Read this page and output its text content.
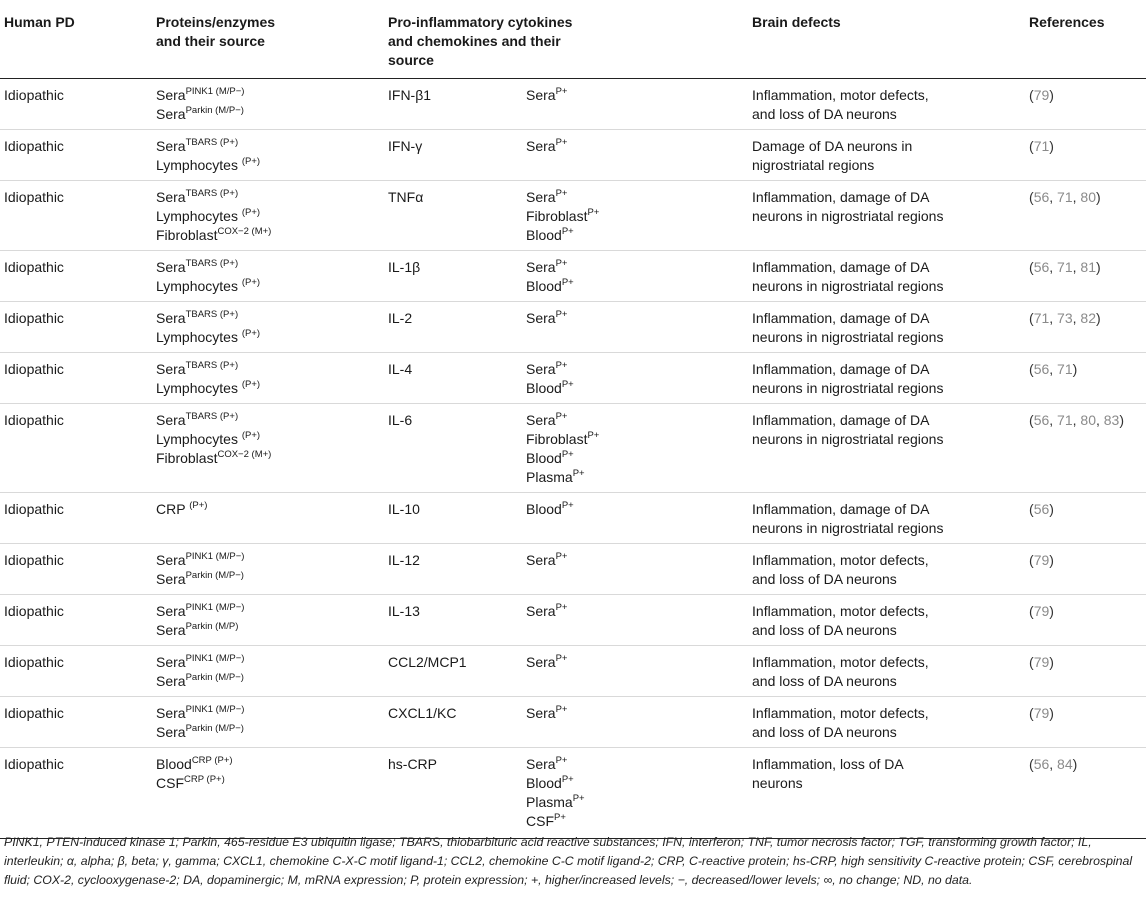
Human PD	Proteins/enzymes
and their source	Pro-inflammatory cytokines
and chemokines and their
source		Brain defects	References
Idiopathic	Sera$^{PINK1 (M/P-)}$
Sera$^{Parkin (M/P-)}$	IFN-β1	Sera$^{P+}$	Inflammation, motor defects,
and loss of DA neurons	(79)
Idiopathic	Sera$^{TBARS (P+)}$
Lymphocytes $^{(P+)}$	IFN-γ	Sera$^{P+}$	Damage of DA neurons in
nigrostriatal regions	(71)
Idiopathic	Sera$^{TBARS (P+)}$
Lymphocytes $^{(P+)}$
Fibroblast$^{COX-2 (M+)}$	TNFα	Sera$^{P+}$
Fibroblast$^{P+}$
Blood$^{P+}$	Inflammation, damage of DA
neurons in nigrostriatal regions	(56, 71, 80)
Idiopathic	Sera$^{TBARS (P+)}$
Lymphocytes $^{(P+)}$	IL-1β	Sera$^{P+}$
Blood$^{P+}$	Inflammation, damage of DA
neurons in nigrostriatal regions	(56, 71, 81)
Idiopathic	Sera$^{TBARS (P+)}$
Lymphocytes $^{(P+)}$	IL-2	Sera$^{P+}$	Inflammation, damage of DA
neurons in nigrostriatal regions	(71, 73, 82)
Idiopathic	Sera$^{TBARS (P+)}$
Lymphocytes $^{(P+)}$	IL-4	Sera$^{P+}$
Blood$^{P+}$	Inflammation, damage of DA
neurons in nigrostriatal regions	(56, 71)
Idiopathic	Sera$^{TBARS (P+)}$
Lymphocytes $^{(P+)}$
Fibroblast$^{COX-2 (M+)}$	IL-6	Sera$^{P+}$
Fibroblast$^{P+}$
Blood$^{P+}$
Plasma$^{P+}$	Inflammation, damage of DA
neurons in nigrostriatal regions	(56, 71, 80, 83)
Idiopathic	CRP $^{(P+)}$	IL-10	Blood$^{P+}$	Inflammation, damage of DA
neurons in nigrostriatal regions	(56)
Idiopathic	Sera$^{PINK1 (M/P-)}$
Sera$^{Parkin (M/P-)}$	IL-12	Sera$^{P+}$	Inflammation, motor defects,
and loss of DA neurons	(79)
Idiopathic	Sera$^{PINK1 (M/P-)}$
Sera$^{Parkin (M/P)}$	IL-13	Sera$^{P+}$	Inflammation, motor defects,
and loss of DA neurons	(79)
Idiopathic	Sera$^{PINK1 (M/P-)}$
Sera$^{Parkin (M/P-)}$	CCL2/MCP1	Sera$^{P+}$	Inflammation, motor defects,
and loss of DA neurons	(79)
Idiopathic	Sera$^{PINK1 (M/P-)}$
Sera$^{Parkin (M/P-)}$	CXCL1/KC	Sera$^{P+}$	Inflammation, motor defects,
and loss of DA neurons	(79)
Idiopathic	Blood$^{CRP (P+)}$
$CSF^{CRP (P+)}$	hs-CRP	Sera$^{P+}$
Blood$^{P+}$
Plasma$^{P+}$
$CSF^{P+}$	Inflammation, loss of DA
neurons	(56, 84)

PINK1, PTEN-induced kinase 1; Parkin, 465-residue E3 ubiquitin ligase; TBARS, thiobarbituric acid reactive substances; IFN, interferon; TNF, tumor necrosis factor; TGF, transforming growth factor; IL, interleukin; α, alpha; β, beta; γ, gamma; CXCL1, chemokine C-X-C motif ligand-1; CCL2, chemokine C-C motif ligand-2; CRP, C-reactive protein; hs-CRP, high sensitivity C-reactive protein; CSF, cerebrospinal fluid; COX-2, cyclooxygenase-2; DA, dopaminergic; M, mRNA expression; P, protein expression; +, higher/increased levels; −, decreased/lower levels; ∞, no change; ND, no data.
